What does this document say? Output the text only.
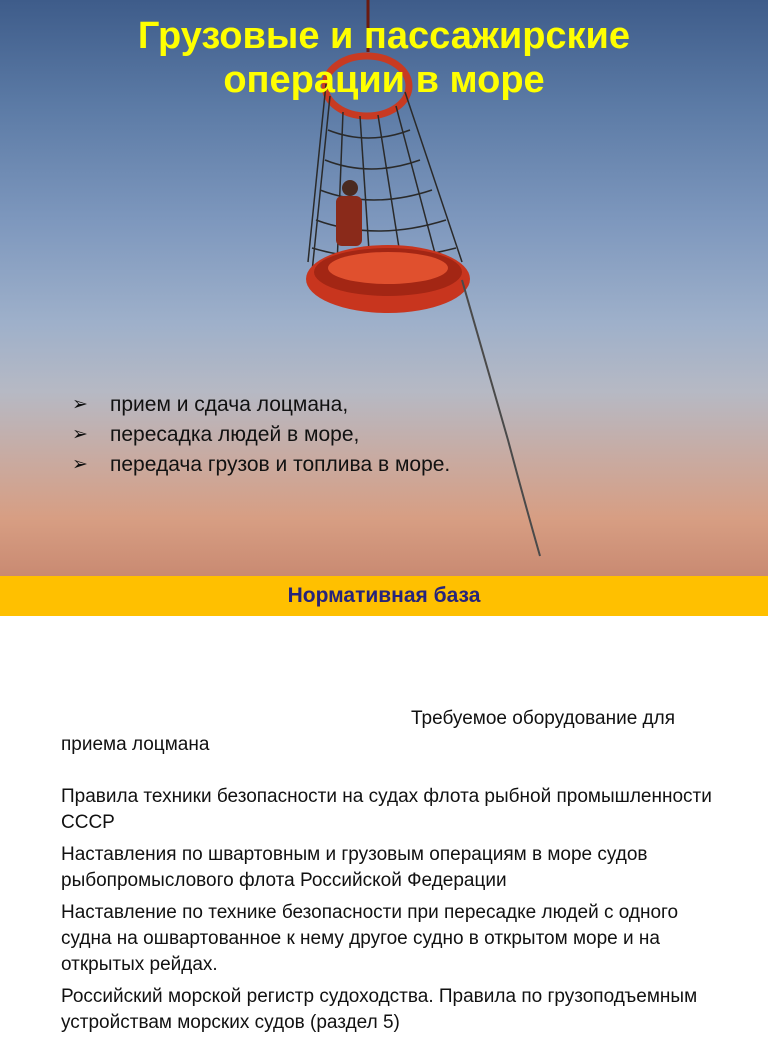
Грузовые и пассажирские
операции в море
➢ прием и сдача лоцмана,
➢ пересадка людей в море,
➢ передача грузов и топлива в море.
Нормативная база

Требуемое оборудование для приема лоцмана

Правила техники безопасности на судах флота рыбной промышленности СССР

Наставления по швартовным и грузовым операциям в море судов рыбопромыслового флота Российской Федерации

Наставление по технике безопасности при пересадке людей с одного судна на ошвартованное к нему другое судно в открытом море и на открытых рейдах.

Российский морской регистр судоходства. Правила по грузоподъемным устройствам морских судов (раздел 5)
